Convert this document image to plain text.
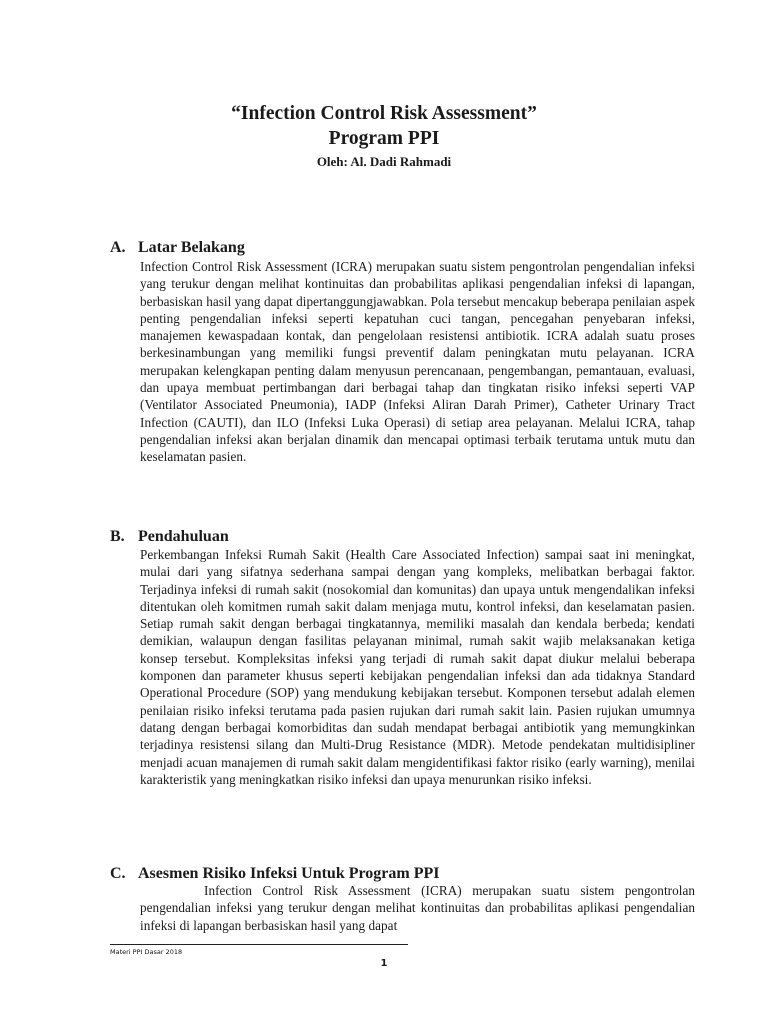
“Infection Control Risk Assessment”
Program PPI
Oleh: Al. Dadi Rahmadi
A. Latar Belakang
Infection Control Risk Assessment (ICRA) merupakan suatu sistem pengontrolan pengendalian infeksi yang terukur dengan melihat kontinuitas dan probabilitas aplikasi pengendalian infeksi di lapangan, berbasiskan hasil yang dapat dipertanggungjawabkan. Pola tersebut mencakup beberapa penilaian aspek penting pengendalian infeksi seperti kepatuhan cuci tangan, pencegahan penyebaran infeksi, manajemen kewaspadaan kontak, dan pengelolaan resistensi antibiotik. ICRA adalah suatu proses berkesinambungan yang memiliki fungsi preventif dalam peningkatan mutu pelayanan. ICRA merupakan kelengkapan penting dalam menyusun perencanaan, pengembangan, pemantauan, evaluasi, dan upaya membuat pertimbangan dari berbagai tahap dan tingkatan risiko infeksi seperti VAP (Ventilator Associated Pneumonia), IADP (Infeksi Aliran Darah Primer), Catheter Urinary Tract Infection (CAUTI), dan ILO (Infeksi Luka Operasi) di setiap area pelayanan. Melalui ICRA, tahap pengendalian infeksi akan berjalan dinamik dan mencapai optimasi terbaik terutama untuk mutu dan keselamatan pasien.
B. Pendahuluan
Perkembangan Infeksi Rumah Sakit (Health Care Associated Infection) sampai saat ini meningkat, mulai dari yang sifatnya sederhana sampai dengan yang kompleks, melibatkan berbagai faktor. Terjadinya infeksi di rumah sakit (nosokomial dan komunitas) dan upaya untuk mengendalikan infeksi ditentukan oleh komitmen rumah sakit dalam menjaga mutu, kontrol infeksi, dan keselamatan pasien. Setiap rumah sakit dengan berbagai tingkatannya, memiliki masalah dan kendala berbeda; kendati demikian, walaupun dengan fasilitas pelayanan minimal, rumah sakit wajib melaksanakan ketiga konsep tersebut. Kompleksitas infeksi yang terjadi di rumah sakit dapat diukur melalui beberapa komponen dan parameter khusus seperti kebijakan pengendalian infeksi dan ada tidaknya Standard Operational Procedure (SOP) yang mendukung kebijakan tersebut. Komponen tersebut adalah elemen penilaian risiko infeksi terutama pada pasien rujukan dari rumah sakit lain. Pasien rujukan umumnya datang dengan berbagai komorbiditas dan sudah mendapat berbagai antibiotik yang memungkinkan terjadinya resistensi silang dan Multi-Drug Resistance (MDR). Metode pendekatan multidisipliner menjadi acuan manajemen di rumah sakit dalam mengidentifikasi faktor risiko (early warning), menilai karakteristik yang meningkatkan risiko infeksi dan upaya menurunkan risiko infeksi.
C. Asesmen Risiko Infeksi Untuk Program PPI
Infection Control Risk Assessment (ICRA) merupakan suatu sistem pengontrolan pengendalian infeksi yang terukur dengan melihat kontinuitas dan probabilitas aplikasi pengendalian infeksi di lapangan berbasiskan hasil yang dapat
Materi PPI Dasar 2018
1
